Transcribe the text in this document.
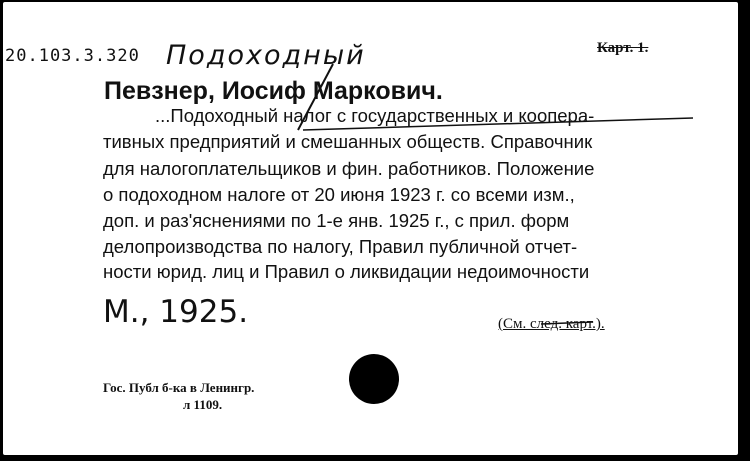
20.103.3.320 Подоходный	Карт. 1.
Певзнер, Иосиф Маркович.
...Подоходный налог с государственных и коопера-
тивных предприятий и смешанных обществ. Справочник
для налогоплательщиков и фин. работников. Положение
о подоходном налоге от 20 июня 1923 г. со всеми изм.,
доп. и раз'яснениями по 1-е янв. 1925 г., с прил. форм
делопроизводства по налогу, Правил публичной отчет-
ности юрид. лиц и Правил о ликвидации недоимочности
М., 1925.	(См. след. карт.).
Гос. Публ б-ка в Ленингр.
л 1109.
